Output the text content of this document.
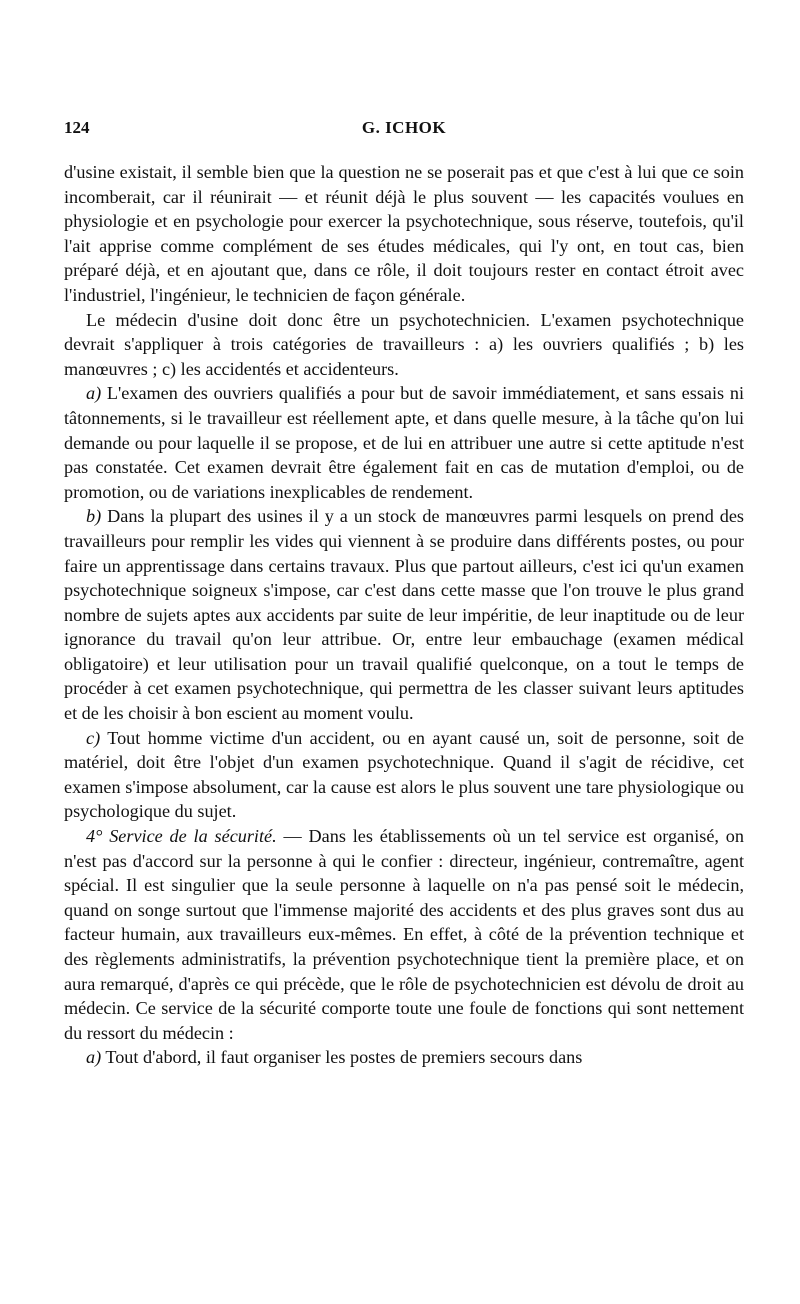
124	G. ICHOK

d'usine existait, il semble bien que la question ne se poserait pas et que c'est à lui que ce soin incomberait, car il réunirait — et réunit déjà le plus souvent — les capacités voulues en physiologie et en psychologie pour exercer la psychotechnique, sous réserve, toutefois, qu'il l'ait apprise comme complément de ses études médicales, qui l'y ont, en tout cas, bien préparé déjà, et en ajoutant que, dans ce rôle, il doit toujours rester en contact étroit avec l'industriel, l'ingénieur, le technicien de façon générale.

Le médecin d'usine doit donc être un psychotechnicien. L'examen psychotechnique devrait s'appliquer à trois catégories de travailleurs : a) les ouvriers qualifiés ; b) les manœuvres ; c) les accidentés et accidenteurs.

a) L'examen des ouvriers qualifiés a pour but de savoir immédiatement, et sans essais ni tâtonnements, si le travailleur est réellement apte, et dans quelle mesure, à la tâche qu'on lui demande ou pour laquelle il se propose, et de lui en attribuer une autre si cette aptitude n'est pas constatée. Cet examen devrait être également fait en cas de mutation d'emploi, ou de promotion, ou de variations inexplicables de rendement.

b) Dans la plupart des usines il y a un stock de manœuvres parmi lesquels on prend des travailleurs pour remplir les vides qui viennent à se produire dans différents postes, ou pour faire un apprentissage dans certains travaux. Plus que partout ailleurs, c'est ici qu'un examen psychotechnique soigneux s'impose, car c'est dans cette masse que l'on trouve le plus grand nombre de sujets aptes aux accidents par suite de leur impéritie, de leur inaptitude ou de leur ignorance du travail qu'on leur attribue. Or, entre leur embauchage (examen médical obligatoire) et leur utilisation pour un travail qualifié quelconque, on a tout le temps de procéder à cet examen psychotechnique, qui permettra de les classer suivant leurs aptitudes et de les choisir à bon escient au moment voulu.

c) Tout homme victime d'un accident, ou en ayant causé un, soit de personne, soit de matériel, doit être l'objet d'un examen psychotechnique. Quand il s'agit de récidive, cet examen s'impose absolument, car la cause est alors le plus souvent une tare physiologique ou psychologique du sujet.

4° Service de la sécurité. — Dans les établissements où un tel service est organisé, on n'est pas d'accord sur la personne à qui le confier : directeur, ingénieur, contremaître, agent spécial. Il est singulier que la seule personne à laquelle on n'a pas pensé soit le médecin, quand on songe surtout que l'immense majorité des accidents et des plus graves sont dus au facteur humain, aux travailleurs eux-mêmes. En effet, à côté de la prévention technique et des règlements administratifs, la prévention psychotechnique tient la première place, et on aura remarqué, d'après ce qui précède, que le rôle de psychotechnicien est dévolu de droit au médecin. Ce service de la sécurité comporte toute une foule de fonctions qui sont nettement du ressort du médecin :

a) Tout d'abord, il faut organiser les postes de premiers secours dans
